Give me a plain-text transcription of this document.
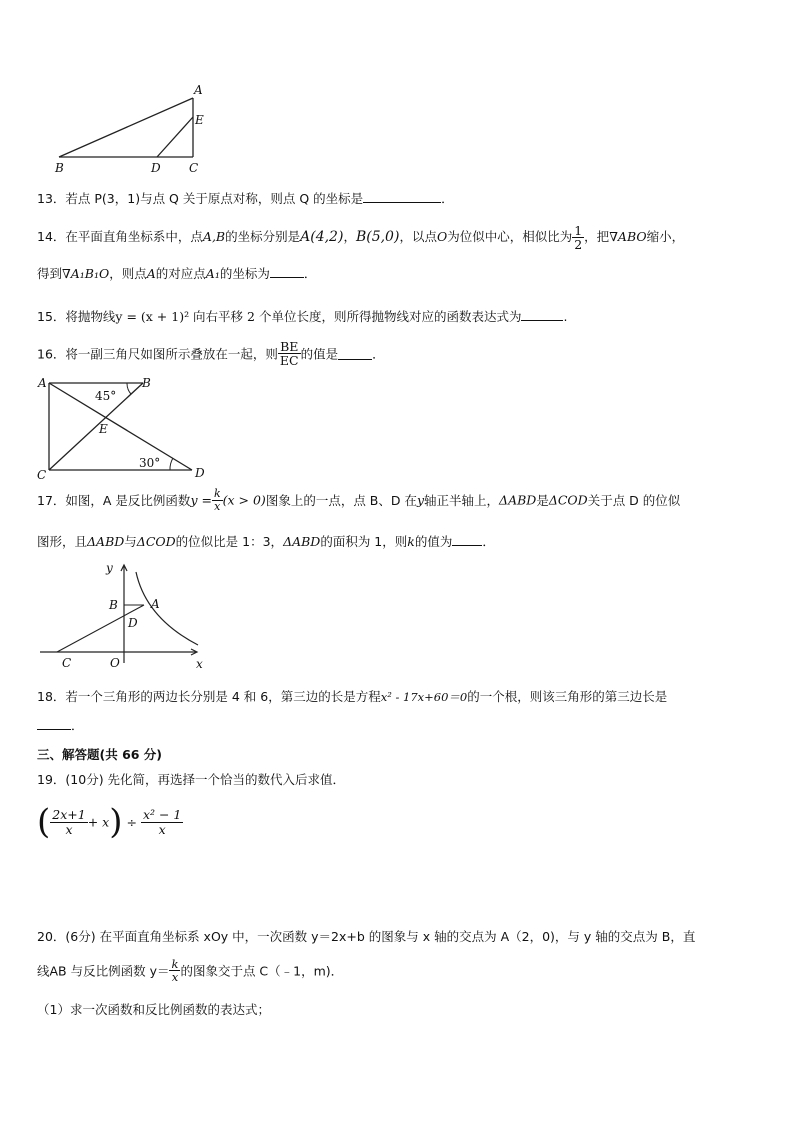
A
E
B	D C
13．若点 P(3，1)与点 Q 关于原点对称，则点 Q 的坐标是	．
14．在平面直角坐标系中，点A,B的坐标分别是A(4,2)，B(5,0)，以点O为位似中心，相似比为 $\frac{1}{2}$ ，把∇ABO缩小，
得到∇A₁B₁O，则点A的对应点A₁的坐标为	．
15．将抛物线y = (x + 1)² 向右平移 2 个单位长度，则所得抛物线对应的函数表达式为	.
16．将一副三角尺如图所示叠放在一起，则 $\frac{BE}{EC}$ 的值是	．
A	B
C	D
E
45°
30°
17．如图，A 是反比例函数$y = \frac{k}{x} (x > 0)$图象上的一点，点 B、D 在y轴正半轴上，ΔABD是ΔCOD关于点 D 的位似
图形，且ΔABD与ΔCOD的位似比是 1：3，ΔABD的面积为 1，则k的值为 ．
y
x
B	A
D
C	O
18．若一个三角形的两边长分别是 4 和 6，第三边的长是方程x² - 17x+60＝0的一个根，则该三角形的第三边长是
．
三、解答题(共 66 分)
19．(10分) 先化简，再选择一个恰当的数代入后求值．
( $\frac{2x+1}{x} + x) \div \frac{\text{x² − 1}}{x}$
20．(6分) 在平面直角坐标系 xOy 中，一次函数 y＝2x+b 的图象与 x 轴的交点为 A（2，0)，与 y 轴的交点为 B，直
线AB 与反比例函数 $y= \frac{k}{x}$ 的图象交于点 C（﹣1，m)．
（1）求一次函数和反比例函数的表达式；
